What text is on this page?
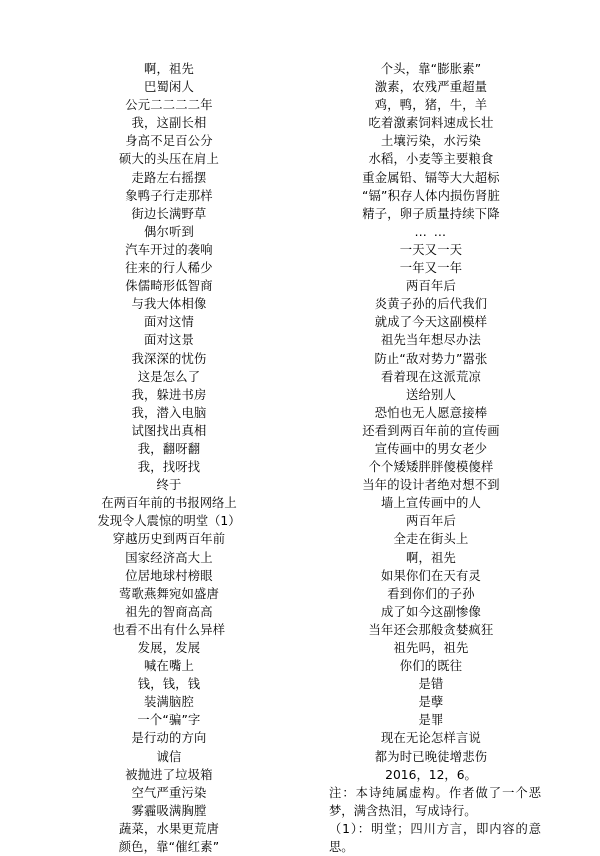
啊，祖先
巴蜀闲人
公元二二二二年
我，这副长相
身高不足百公分
硕大的头压在肩上
走路左右摇摆
象鸭子行走那样
街边长满野草
偶尔听到
汽车开过的袭响
往来的行人稀少
侏儒畸形低智商
与我大体相像
面对这情
面对这景
我深深的忧伤
这是怎么了
我，躲进书房
我，潜入电脑
试图找出真相
我，翻呀翻
我，找呀找
终于
在两百年前的书报网络上
发现令人震惊的明堂（1）
穿越历史到两百年前
国家经济高大上
位居地球村榜眼
莺歌燕舞宛如盛唐
祖先的智商高高
也看不出有什么异样
发展，发展
喊在嘴上
钱，钱，钱
装满脑腔
一个“骗”字
是行动的方向
诚信
被抛进了垃圾箱
空气严重污染
雾霾吸满胸膛
蔬菜，水果更荒唐
颜色，靠“催红素”
个头，靠“膨胀素”
激素，农残严重超量
鸡，鸭，猪，牛，羊
吃着激素饲料速成长壮
土壤污染，水污染
水稻，小麦等主要粮食
重金属铅、镉等大大超标
“镉”积存人体内损伤肾脏
精子，卵子质量持续下降
… …
一天又一天
一年又一年
两百年后
炎黄子孙的后代我们
就成了今天这副模样
祖先当年想尽办法
防止“敌对势力”嚣张
看着现在这派荒凉
送给别人
恐怕也无人愿意接棒
还看到两百年前的宣传画
宣传画中的男女老少
个个矮矮胖胖傻模傻样
当年的设计者绝对想不到
墙上宣传画中的人
两百年后
全走在街头上
啊，祖先
如果你们在天有灵
看到你们的子孙
成了如今这副惨像
当年还会那般贪婪疯狂
祖先吗，祖先
你们的既往
是错
是孽
是罪
现在无论怎样言说
都为时已晚徒增悲伤
2016，12，6。
注：本诗纯属虚构。作者做了一个恶梦，满含热泪，写成诗行。
（1）：明堂；四川方言，即内容的意思。
